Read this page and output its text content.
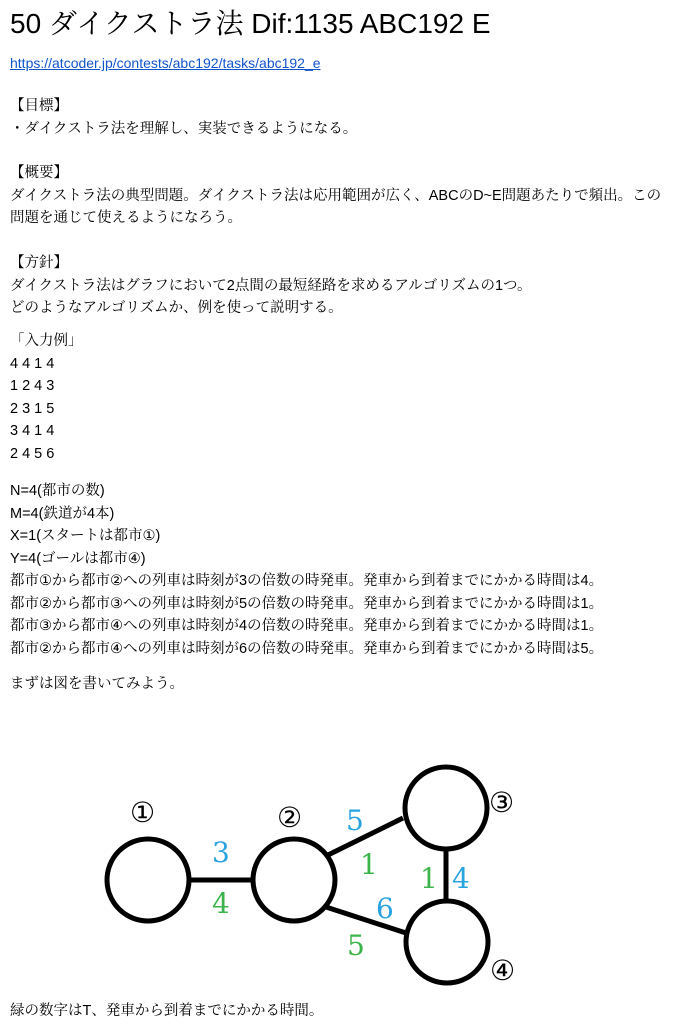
50 ダイクストラ法 Dif:1135 ABC192 E
https://atcoder.jp/contests/abc192/tasks/abc192_e
【目標】
・ダイクストラ法を理解し、実装できるようになる。
【概要】
ダイクストラ法の典型問題。ダイクストラ法は応用範囲が広く、ABCのD~E問題あたりで頻出。この問題を通じて使えるようになろう。
【方針】
ダイクストラ法はグラフにおいて2点間の最短経路を求めるアルゴリズムの1つ。
どのようなアルゴリズムか、例を使って説明する。
「入力例」
4 4 1 4
1 2 4 3
2 3 1 5
3 4 1 4
2 4 5 6
N=4(都市の数)
M=4(鉄道が4本)
X=1(スタートは都市①)
Y=4(ゴールは都市④)
都市①から都市②への列車は時刻が3の倍数の時発車。発車から到着までにかかる時間は4。
都市②から都市③への列車は時刻が5の倍数の時発車。発車から到着までにかかる時間は1。
都市③から都市④への列車は時刻が4の倍数の時発車。発車から到着までにかかる時間は1。
都市②から都市④への列車は時刻が6の倍数の時発車。発車から到着までにかかる時間は5。
まずは図を書いてみよう。
①	②	③
④
3
4
5
1 1 4
6
5
緑の数字はT、発車から到着までにかかる時間。
